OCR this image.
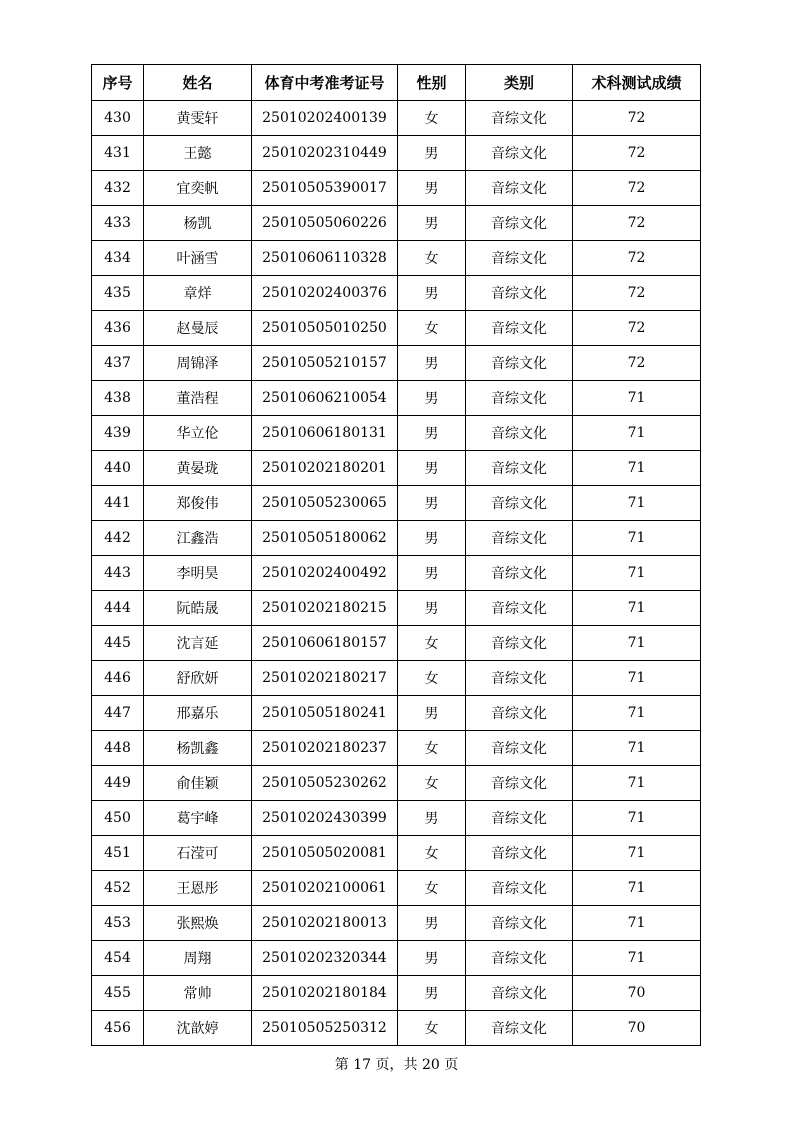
序号	姓名	体育中考准考证号	性别	类别	术科测试成绩
430	黄雯轩	25010202400139	女	音综文化	72
431	王懿	25010202310449	男	音综文化	72
432	宜奕帆	25010505390017	男	音综文化	72
433	杨凯	25010505060226	男	音综文化	72
434	叶涵雪	25010606110328	女	音综文化	72
435	章烊	25010202400376	男	音综文化	72
436	赵曼辰	25010505010250	女	音综文化	72
437	周锦泽	25010505210157	男	音综文化	72
438	董浩程	25010606210054	男	音综文化	71
439	华立伦	25010606180131	男	音综文化	71
440	黄晏珑	25010202180201	男	音综文化	71
441	郑俊伟	25010505230065	男	音综文化	71
442	江鑫浩	25010505180062	男	音综文化	71
443	李明昊	25010202400492	男	音综文化	71
444	阮皓晟	25010202180215	男	音综文化	71
445	沈言延	25010606180157	女	音综文化	71
446	舒欣妍	25010202180217	女	音综文化	71
447	邢嘉乐	25010505180241	男	音综文化	71
448	杨凯鑫	25010202180237	女	音综文化	71
449	俞佳颖	25010505230262	女	音综文化	71
450	葛宇峰	25010202430399	男	音综文化	71
451	石滢可	25010505020081	女	音综文化	71
452	王恩彤	25010202100061	女	音综文化	71
453	张熙焕	25010202180013	男	音综文化	71
454	周翔	25010202320344	男	音综文化	71
455	常帅	25010202180184	男	音综文化	70
456	沈歆婷	25010505250312	女	音综文化	70
第 17 页，共 20 页
